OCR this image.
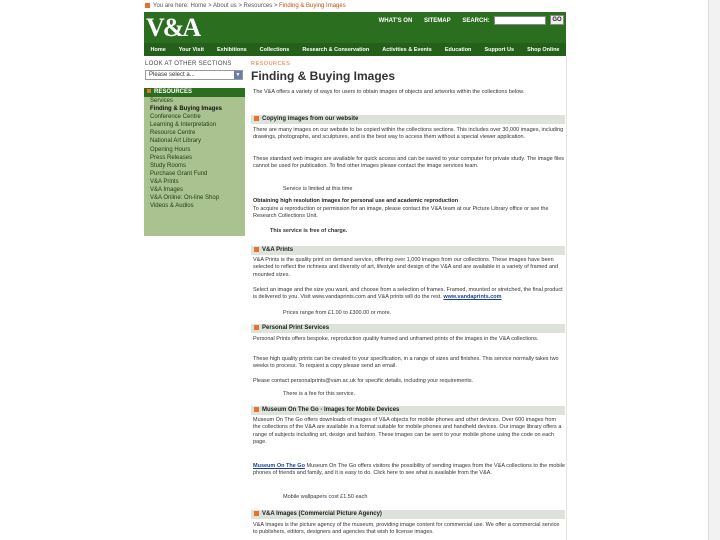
You are here: Home > About us > Resources > Finding & Buying Images
V&A	WHAT'S ON SITEMAP SEARCH:	GO
Home Your Visit Exhibitions Collections Research & Conservation Activities & Events Education Support Us Shop Online
LOOK AT OTHER SECTIONS
Please select a...	▼
RESOURCES
Services
Finding & Buying Images
Conference Centre
Learning & Interpretation
Resource Centre
National Art Library
Opening Hours
Press Releases
Study Rooms
Purchase Grant Fund
V&A Prints
V&A Images
V&A Online: On-line Shop
Videos & Audios
RESOURCES
Finding & Buying Images
The V&A offers a variety of ways for users to obtain images of objects and artworks within the collections below.
Copying images from our website
There are many images on our website to be copied within the collections sections. This includes over 30,000 images, including drawings, photographs, and sculptures, and is the best way to access them without a special viewer application.
These standard web images are available for quick access and can be saved to your computer for private study. The image files cannot be used for publication. To find other images please contact the image services team.
Service is limited at this time
Obtaining high resolution images for personal use and academic reproduction
To acquire a reproduction or permission for an image, please contact the V&A team at our Picture Library office or see the Research Collections Unit.
This service is free of charge.
V&A Prints
V&A Prints is the quality print on demand service, offering over 1,000 images from our collections. These images have been selected to reflect the richness and diversity of art, lifestyle and design of the V&A and are available in a variety of framed and mounted sizes.
Select an image and the size you want, and choose from a selection of frames. Framed, mounted or stretched, the final product is delivered to you. Visit www.vandaprints.com and V&A prints will do the rest. www.vandaprints.com
Prices range from £1.00 to £300.00 or more.
Personal Print Services
Personal Prints offers bespoke, reproduction quality framed and unframed prints of the images in the V&A collections.
These high quality prints can be created to your specification, in a range of sizes and finishes. This service normally takes two weeks to process. To request a copy please send an email.
Please contact personalprints@vam.ac.uk for specific details, including your requirements.
There is a fee for this service.
Museum On The Go - Images for Mobile Devices
Museum On The Go offers downloads of images of V&A objects for mobile phones and other devices. Over 600 images from the collections of the V&A are available in a format suitable for mobile phones and handheld devices. Our image library offers a range of subjects including art, design and fashion. These images can be sent to your mobile phone using the code on each page.
Museum On The Go Museum On The Go offers visitors the possibility of sending images from the V&A collections to the mobile phones of friends and family, and it is easy to do. Click here to see what is available from the V&A.
Mobile wallpapers cost £1.50 each
V&A Images (Commercial Picture Agency)
V&A Images is the picture agency of the museum, providing image content for commercial use. We offer a commercial service to publishers, editors, designers and agencies that wish to license images.
